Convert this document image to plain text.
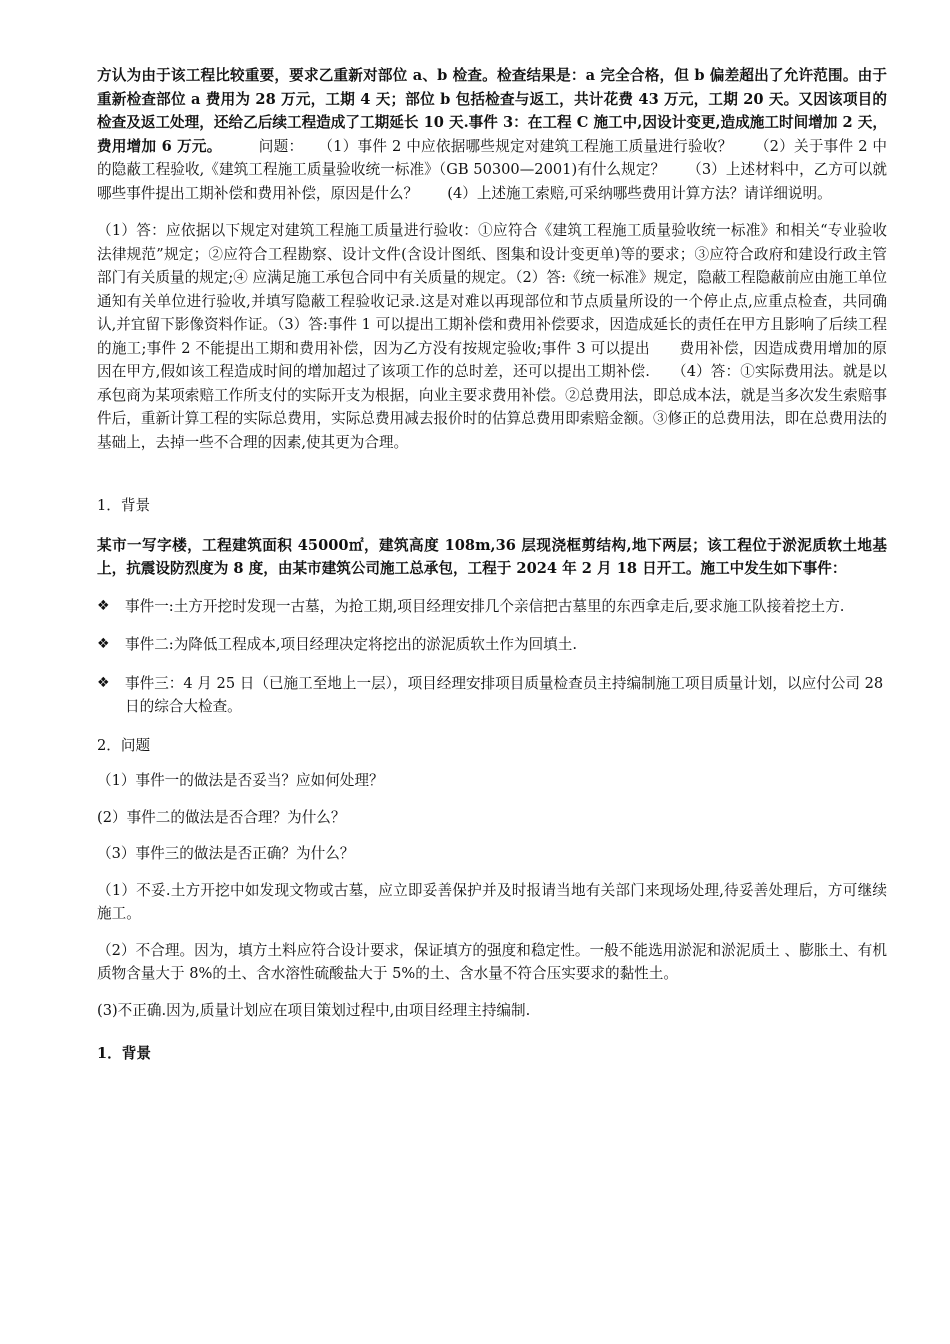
方认为由于该工程比较重要，要求乙重新对部位 a、b 检查。检查结果是：a 完全合格，但 b 偏差超出了允许范围。由于重新检查部位 a 费用为 28 万元，工期 4 天；部位 b 包括检查与返工，共计花费 43 万元，工期 20 天。又因该项目的检查及返工处理，还给乙后续工程造成了工期延长 10 天.事件 3：在工程 C 施工中,因设计变更,造成施工时间增加 2 天，费用增加 6 万元。　　　	问题：　　（1）事件 2 中应依据哪些规定对建筑工程施工质量进行验收？　　（2）关于事件 2 中的隐蔽工程验收,《建筑工程施工质量验收统一标准》（GB 50300—2001)有什么规定？　　（3）上述材料中，乙方可以就哪些事件提出工期补偿和费用补偿，原因是什么？　　(4）上述施工索赔,可采纳哪些费用计算方法？请详细说明。

（1）答：应依据以下规定对建筑工程施工质量进行验收：①应符合《建筑工程施工质量验收统一标准》和相关“专业验收法律规范”规定；②应符合工程勘察、设计文件(含设计图纸、图集和设计变更单)等的要求；③应符合政府和建设行政主管部门有关质量的规定;④ 应满足施工承包合同中有关质量的规定。（2）答:《统一标准》规定，隐蔽工程隐蔽前应由施工单位通知有关单位进行验收,并填写隐蔽工程验收记录.这是对难以再现部位和节点质量所设的一个停止点,应重点检查，共同确认,并宜留下影像资料作证。（3）答:事件 1 可以提出工期补偿和费用补偿要求，因造成延长的责任在甲方且影响了后续工程的施工;事件 2 不能提出工期和费用补偿，因为乙方没有按规定验收;事件 3 可以提出　　费用补偿，因造成费用增加的原因在甲方,假如该工程造成时间的增加超过了该项工作的总时差，还可以提出工期补偿.　　（4）答：①实际费用法。就是以承包商为某项索赔工作所支付的实际开支为根据，向业主要求费用补偿。②总费用法，即总成本法，就是当多次发生索赔事件后，重新计算工程的实际总费用，实际总费用减去报价时的估算总费用即索赔金额。③修正的总费用法，即在总费用法的基础上，去掉一些不合理的因素,使其更为合理。

1．背景

某市一写字楼，工程建筑面积 45000㎡，建筑高度 108m,36 层现浇框剪结构,地下两层；该工程位于淤泥质软土地基上，抗震设防烈度为 8 度，由某市建筑公司施工总承包，工程于 2024 年 2 月 18 日开工。施工中发生如下事件：

❖ 事件一:土方开挖时发现一古墓，为抢工期,项目经理安排几个亲信把古墓里的东西拿走后,要求施工队接着挖土方.
❖ 事件二:为降低工程成本,项目经理决定将挖出的淤泥质软土作为回填土.
❖ 事件三：4 月 25 日（已施工至地上一层），项目经理安排项目质量检查员主持编制施工项目质量计划，以应付公司 28 日的综合大检查。

2．问题

（1）事件一的做法是否妥当？应如何处理？

(2）事件二的做法是否合理？为什么？

（3）事件三的做法是否正确？为什么？

（1）不妥.土方开挖中如发现文物或古墓，应立即妥善保护并及时报请当地有关部门来现场处理,待妥善处理后，方可继续施工。

（2）不合理。因为，填方土料应符合设计要求，保证填方的强度和稳定性。一般不能选用淤泥和淤泥质土 、膨胀土、有机质物含量大于 8%的土、含水溶性硫酸盐大于 5%的土、含水量不符合压实要求的黏性土。

(3)不正确.因为,质量计划应在项目策划过程中,由项目经理主持编制.

1．背景
